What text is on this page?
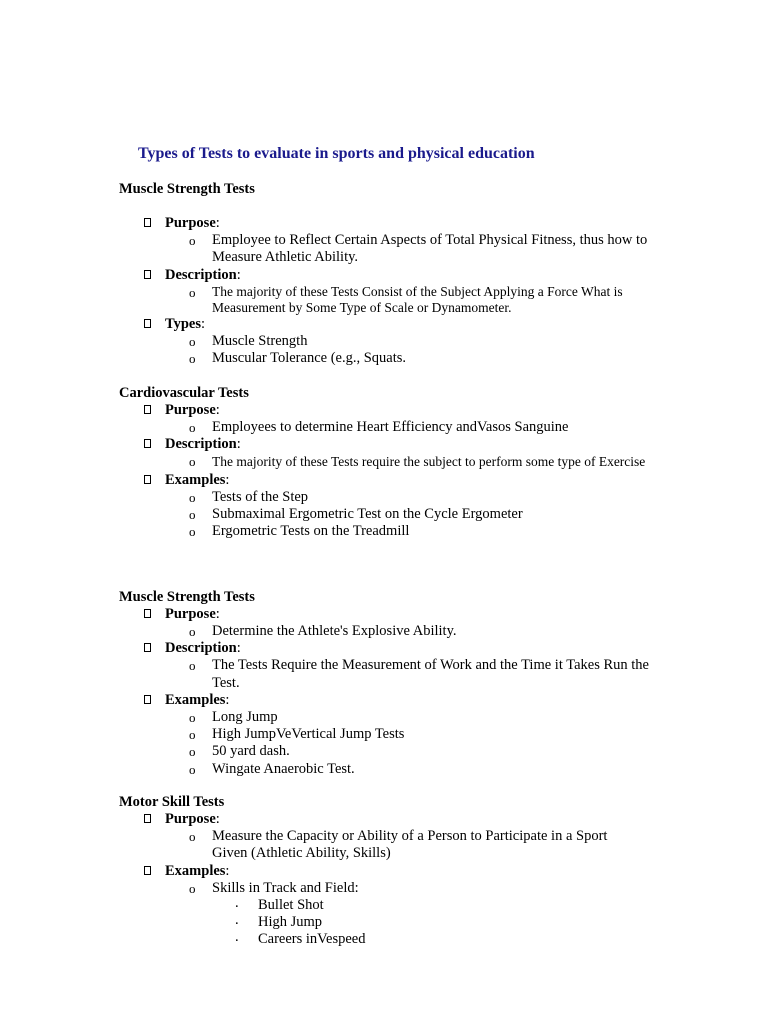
Types of Tests to evaluate in sports and physical education
Muscle Strength Tests
Purpose:
o Employee to Reflect Certain Aspects of Total Physical Fitness, thus how to Measure Athletic Ability.
Description:
o The majority of these Tests Consist of the Subject Applying a Force What is Measurement by Some Type of Scale or Dynamometer.
Types:
o Muscle Strength
o Muscular Tolerance (e.g., Squats.
Cardiovascular Tests
Purpose:
o Employees to determine Heart Efficiency andVasos Sanguine
Description:
o The majority of these Tests require the subject to perform some type of Exercise
Examples:
o Tests of the Step
o Submaximal Ergometric Test on the Cycle Ergometer
o Ergometric Tests on the Treadmill
Muscle Strength Tests
Purpose:
o Determine the Athlete's Explosive Ability.
Description:
o The Tests Require the Measurement of Work and the Time it Takes Run the Test.
Examples:
o Long Jump
o High JumpVeVertical Jump Tests
o 50 yard dash.
o Wingate Anaerobic Test.
Motor Skill Tests
Purpose:
o Measure the Capacity or Ability of a Person to Participate in a Sport Given (Athletic Ability, Skills)
Examples:
o Skills in Track and Field:
. Bullet Shot
. High Jump
. Careers inVespeed
